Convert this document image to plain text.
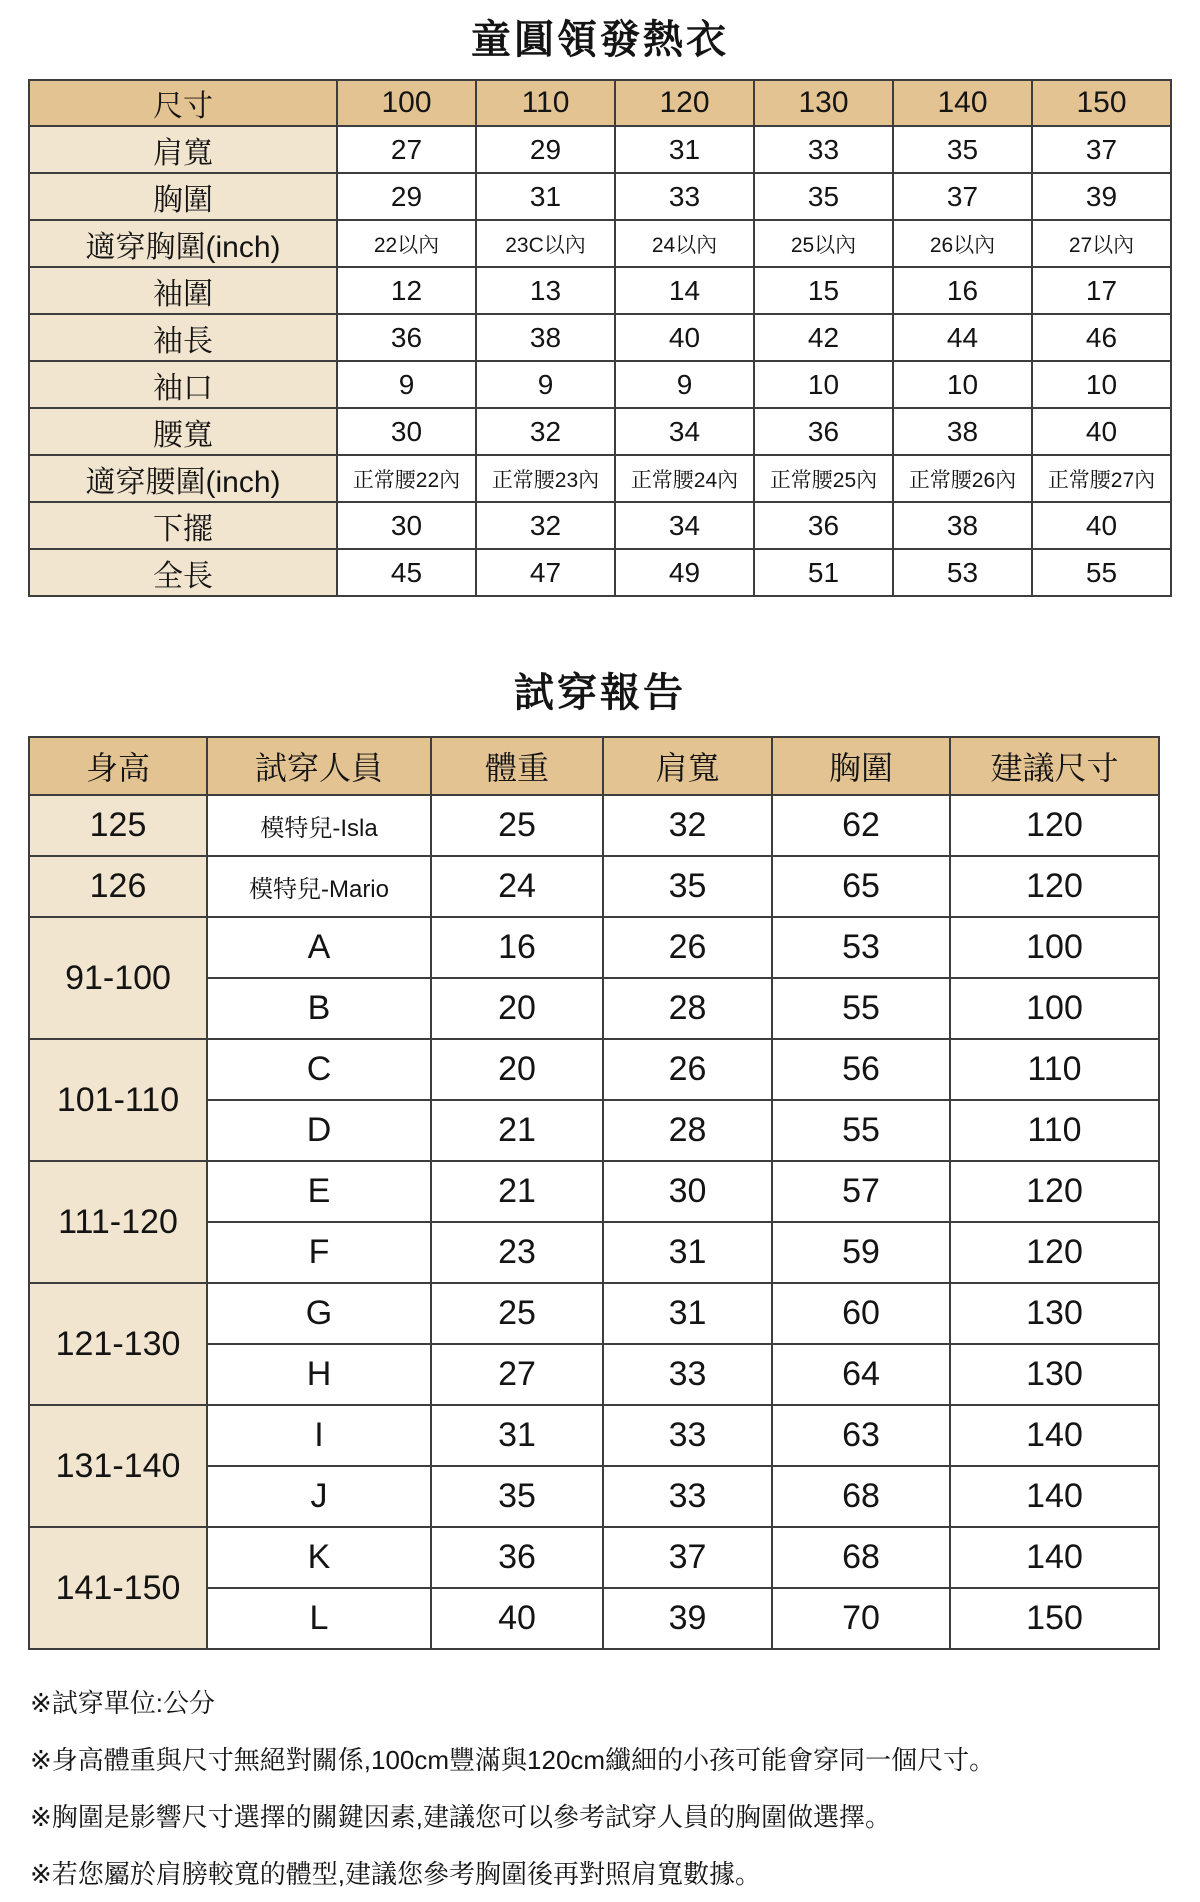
童圓領發熱衣
尺寸	100	110	120	130	140	150
肩寬	27	29	31	33	35	37
胸圍	29	31	33	35	37	39
適穿胸圍(inch)	22以內	23C以內	24以內	25以內	26以內	27以內
袖圍	12	13	14	15	16	17
袖長	36	38	40	42	44	46
袖口	9	9	9	10	10	10
腰寬	30	32	34	36	38	40
適穿腰圍(inch)	正常腰22內	正常腰23內	正常腰24內	正常腰25內	正常腰26內	正常腰27內
下擺	30	32	34	36	38	40
全長	45	47	49	51	53	55
試穿報告
身高	試穿人員	體重	肩寬	胸圍	建議尺寸
125	模特兒-Isla	25	32	62	120
126	模特兒-Mario	24	35	65	120
91-100	A	16	26	53	100
	B	20	28	55	100
101-110	C	20	26	56	110
	D	21	28	55	110
111-120	E	21	30	57	120
	F	23	31	59	120
121-130	G	25	31	60	130
	H	27	33	64	130
131-140	I	31	33	63	140
	J	35	33	68	140
141-150	K	36	37	68	140
	L	40	39	70	150

※試穿單位:公分

※身高體重與尺寸無絕對關係,100cm豐滿與120cm纖細的小孩可能會穿同一個尺寸。

※胸圍是影響尺寸選擇的關鍵因素,建議您可以參考試穿人員的胸圍做選擇。

※若您屬於肩膀較寬的體型,建議您參考胸圍後再對照肩寬數據。
